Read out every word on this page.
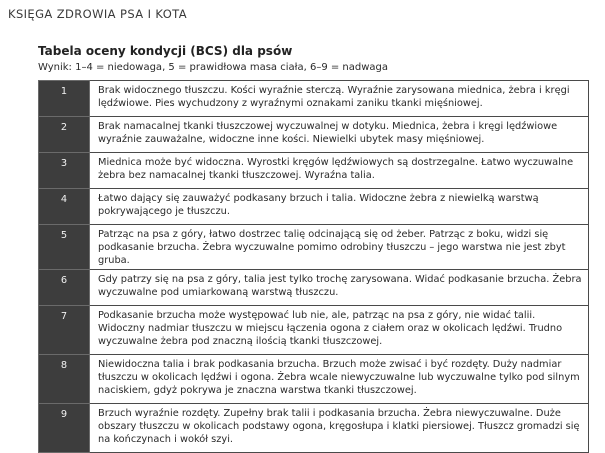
KSIĘGA ZDROWIA PSA I KOTA
Tabela oceny kondycji (BCS) dla psów
Wynik: 1–4 = niedowaga, 5 = prawidłowa masa ciała, 6–9 = nadwaga
1	Brak widocznego tłuszczu. Kości wyraźnie sterczą. Wyraźnie zarysowana miednica, żebra i kręgi lędźwiowe. Pies wychudzony z wyraźnymi oznakami zaniku tkanki mięśniowej.
2	Brak namacalnej tkanki tłuszczowej wyczuwalnej w dotyku. Miednica, żebra i kręgi lędźwiowe wyraźnie zauważalne, widoczne inne kości. Niewielki ubytek masy mięśniowej.
3	Miednica może być widoczna. Wyrostki kręgów lędźwiowych są dostrzegalne. Łatwo wyczuwalne żebra bez namacalnej tkanki tłuszczowej. Wyraźna talia.
4	Łatwo dający się zauważyć podkasany brzuch i talia. Widoczne żebra z niewielką warstwą pokrywającego je tłuszczu.
5	Patrząc na psa z góry, łatwo dostrzec talię odcinającą się od żeber. Patrząc z boku, widzi się podkasanie brzucha. Żebra wyczuwalne pomimo odrobiny tłuszczu – jego warstwa nie jest zbyt gruba.
6	Gdy patrzy się na psa z góry, talia jest tylko trochę zarysowana. Widać podkasanie brzucha. Żebra wyczuwalne pod umiarkowaną warstwą tłuszczu.
7	Podkasanie brzucha może występować lub nie, ale, patrząc na psa z góry, nie widać talii. Widoczny nadmiar tłuszczu w miejscu łączenia ogona z ciałem oraz w okolicach lędźwi. Trudno wyczuwalne żebra pod znaczną ilością tkanki tłuszczowej.
8	Niewidoczna talia i brak podkasania brzucha. Brzuch może zwisać i być rozdęty. Duży nadmiar tłuszczu w okolicach lędźwi i ogona. Żebra wcale niewyczuwalne lub wyczuwalne tylko pod silnym naciskiem, gdyż pokrywa je znaczna warstwa tkanki tłuszczowej.
9	Brzuch wyraźnie rozdęty. Zupełny brak talii i podkasania brzucha. Żebra niewyczuwalne. Duże obszary tłuszczu w okolicach podstawy ogona, kręgosłupa i klatki piersiowej. Tłuszcz gromadzi się na kończynach i wokół szyi.
